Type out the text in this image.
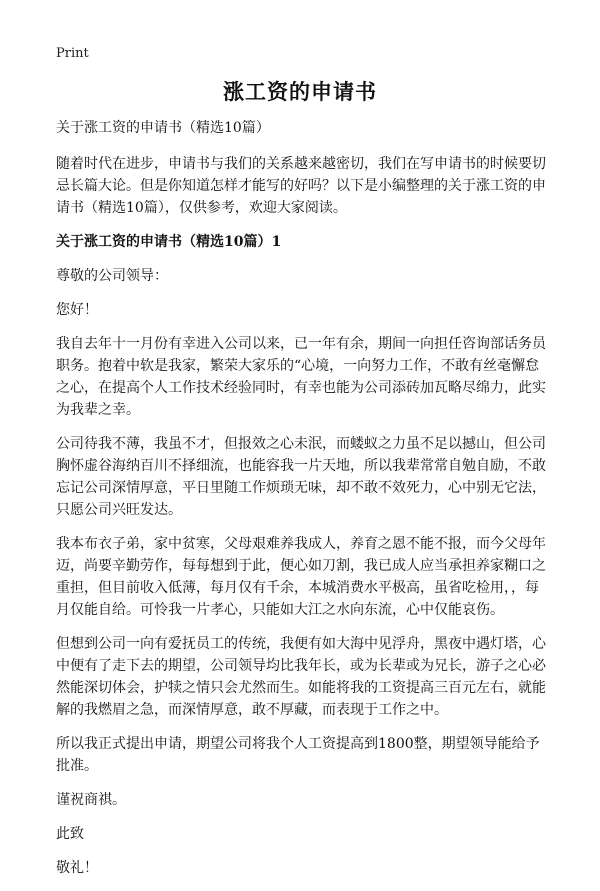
Print
涨工资的申请书

关于涨工资的申请书（精选10篇）

随着时代在进步，申请书与我们的关系越来越密切，我们在写申请书的时候要切忌长篇大论。但是你知道怎样才能写的好吗？以下是小编整理的关于涨工资的申请书（精选10篇），仅供参考，欢迎大家阅读。

关于涨工资的申请书（精选10篇）1

尊敬的公司领导：

您好！

我自去年十一月份有幸进入公司以来，已一年有余，期间一向担任咨询部话务员职务。抱着中软是我家，繁荣大家乐的“心境，一向努力工作，不敢有丝毫懈怠之心，在提高个人工作技术经验同时，有幸也能为公司添砖加瓦略尽绵力，此实为我辈之幸。

公司待我不薄，我虽不才，但报效之心未泯，而蝼蚁之力虽不足以撼山，但公司胸怀虚谷海纳百川不择细流，也能容我一片天地，所以我辈常常自勉自励，不敢忘记公司深情厚意，平日里随工作烦琐无味，却不敢不效死力，心中别无它法，只愿公司兴旺发达。

我本布衣子弟，家中贫寒，父母艰难养我成人，养育之恩不能不报，而今父母年迈，尚要辛勤劳作，每每想到于此，便心如刀割，我已成人应当承担养家糊口之重担，但目前收入低薄，每月仅有千余，本城消费水平极高，虽省吃检用，，每月仅能自给。可怜我一片孝心，只能如大江之水向东流，心中仅能哀伤。

但想到公司一向有爱抚员工的传统，我便有如大海中见浮舟，黑夜中遇灯塔，心中便有了走下去的期望，公司领导均比我年长，或为长辈或为兄长，游子之心必然能深切体会，护犊之情只会尤然而生。如能将我的工资提高三百元左右，就能解的我燃眉之急，而深情厚意，敢不厚藏，而表现于工作之中。

所以我正式提出申请，期望公司将我个人工资提高到1800整，期望领导能给予批准。

谨祝商祺。

此致

敬礼！
